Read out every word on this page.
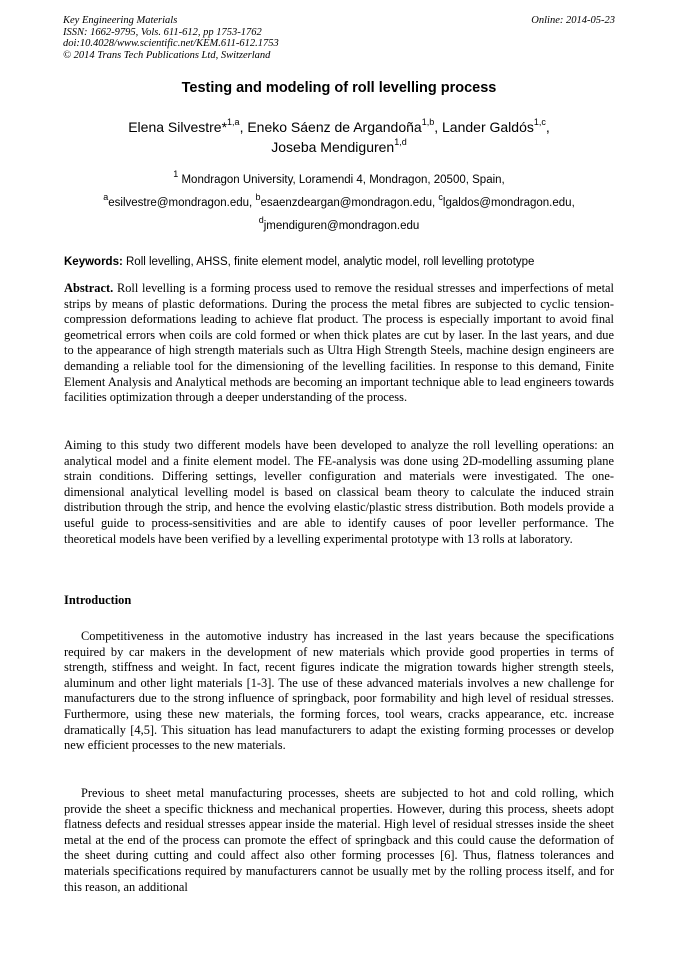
Key Engineering Materials
ISSN: 1662-9795, Vols. 611-612, pp 1753-1762
doi:10.4028/www.scientific.net/KEM.611-612.1753
© 2014 Trans Tech Publications Ltd, Switzerland
Online: 2014-05-23
Testing and modeling of roll levelling process
Elena Silvestre*$^{1,a}$, Eneko Sáenz de Argandoña$^{1,b}$, Lander Galdós$^{1,c}$,
Joseba Mendiguren$^{1,d}$
$^1$ Mondragon University, Loramendi 4, Mondragon, 20500, Spain,
$^a$esilvestre@mondragon.edu, $^b$esaenzdeargan@mondragon.edu, $^c$lgaldos@mondragon.edu,
$^d$jmendiguren@mondragon.edu
Keywords: Roll levelling, AHSS, finite element model, analytic model, roll levelling prototype

Abstract. Roll levelling is a forming process used to remove the residual stresses and imperfections of metal strips by means of plastic deformations. During the process the metal fibres are subjected to cyclic tension-compression deformations leading to achieve flat product. The process is especially important to avoid final geometrical errors when coils are cold formed or when thick plates are cut by laser. In the last years, and due to the appearance of high strength materials such as Ultra High Strength Steels, machine design engineers are demanding a reliable tool for the dimensioning of the levelling facilities. In response to this demand, Finite Element Analysis and Analytical methods are becoming an important technique able to lead engineers towards facilities optimization through a deeper understanding of the process.

Aiming to this study two different models have been developed to analyze the roll levelling operations: an analytical model and a finite element model. The FE-analysis was done using 2D-modelling assuming plane strain conditions. Differing settings, leveller configuration and materials were investigated. The one-dimensional analytical levelling model is based on classical beam theory to calculate the induced strain distribution through the strip, and hence the evolving elastic/plastic stress distribution. Both models provide a useful guide to process-sensitivities and are able to identify causes of poor leveller performance. The theoretical models have been verified by a levelling experimental prototype with 13 rolls at laboratory.

Introduction

Competitiveness in the automotive industry has increased in the last years because the specifications required by car makers in the development of new materials which provide good properties in terms of strength, stiffness and weight. In fact, recent figures indicate the migration towards higher strength steels, aluminum and other light materials [1-3]. The use of these advanced materials involves a new challenge for manufacturers due to the strong influence of springback, poor formability and high level of residual stresses. Furthermore, using these new materials, the forming forces, tool wears, cracks appearance, etc. increase dramatically [4,5]. This situation has lead manufacturers to adapt the existing forming processes or develop new efficient processes to the new materials.

Previous to sheet metal manufacturing processes, sheets are subjected to hot and cold rolling, which provide the sheet a specific thickness and mechanical properties. However, during this process, sheets adopt flatness defects and residual stresses appear inside the material. High level of residual stresses inside the sheet metal at the end of the process can promote the effect of springback and this could cause the deformation of the sheet during cutting and could affect also other forming processes [6]. Thus, flatness tolerances and materials specifications required by manufacturers cannot be usually met by the rolling process itself, and for this reason, an additional
